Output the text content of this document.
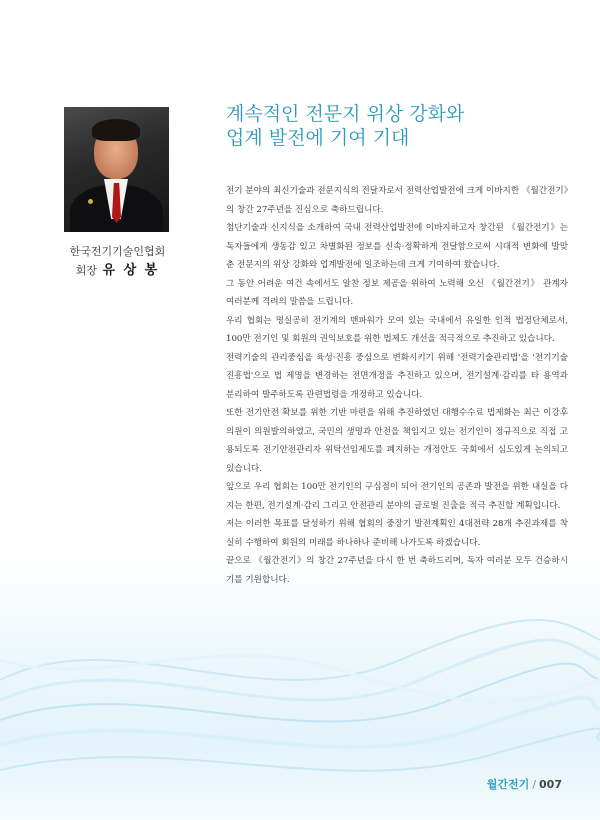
한국전기기술인협회
회장 유 상 봉
계속적인 전문지 위상 강화와
업계 발전에 기여 기대

전기 분야의 최신기술과 전문지식의 전달자로서 전력산업발전에 크게 이바지한 《월간전기》의 창간 27주년을 진심으로 축하드립니다.

첨단기술과 신지식을 소개하여 국내 전력산업발전에 이바지하고자 창간된 《월간전기》는 독자들에게 생동감 있고 차별화된 정보를 신속·정확하게 전달함으로써 시대적 변화에 발맞춘 전문지의 위상 강화와 업계발전에 일조하는데 크게 기여하여 왔습니다.

그 동안 어려운 여건 속에서도 알찬 정보 제공을 위하여 노력해 오신 《월간전기》 관계자 여러분께 격려의 말씀을 드립니다.

우리 협회는 명실공히 전기계의 맨파워가 모여 있는 국내에서 유일한 인적 법정단체로서, 100만 전기인 및 회원의 권익보호를 위한 법제도 개선을 적극적으로 추진하고 있습니다.

전력기술의 관리중심을 육성·진흥 중심으로 변화시키기 위해 '전력기술관리법'을 '전기기술진흥법'으로 법 제명을 변경하는 전면개정을 추진하고 있으며, 전기설계·감리를 타 용역과 분리하여 발주하도록 관련법령을 개정하고 있습니다.

또한 전기안전 확보를 위한 기반 마련을 위해 추진하였던 대행수수료 법제화는 최근 이강후 의원이 의원발의하였고, 국민의 생명과 안전을 책임지고 있는 전기인이 정규직으로 직접 고용되도록 전기안전관리자 위탁선임제도를 폐지하는 개정안도 국회에서 심도있게 논의되고 있습니다.

앞으로 우리 협회는 100만 전기인의 구심점이 되어 전기인의 공존과 발전을 위한 내실을 다지는 한편, 전기설계·감리 그리고 안전관리 분야의 글로벌 진출을 적극 추진할 계획입니다.

저는 이러한 목표를 달성하기 위해 협회의 중장기 발전계획인 4대전략 28개 추진과제를 착실히 수행하여 회원의 미래를 하나하나 준비해 나가도록 하겠습니다.

끝으로 《월간전기》의 창간 27주년을 다시 한 번 축하드리며, 독자 여러분 모두 건승하시기를 기원합니다.

월간전기 / 007
